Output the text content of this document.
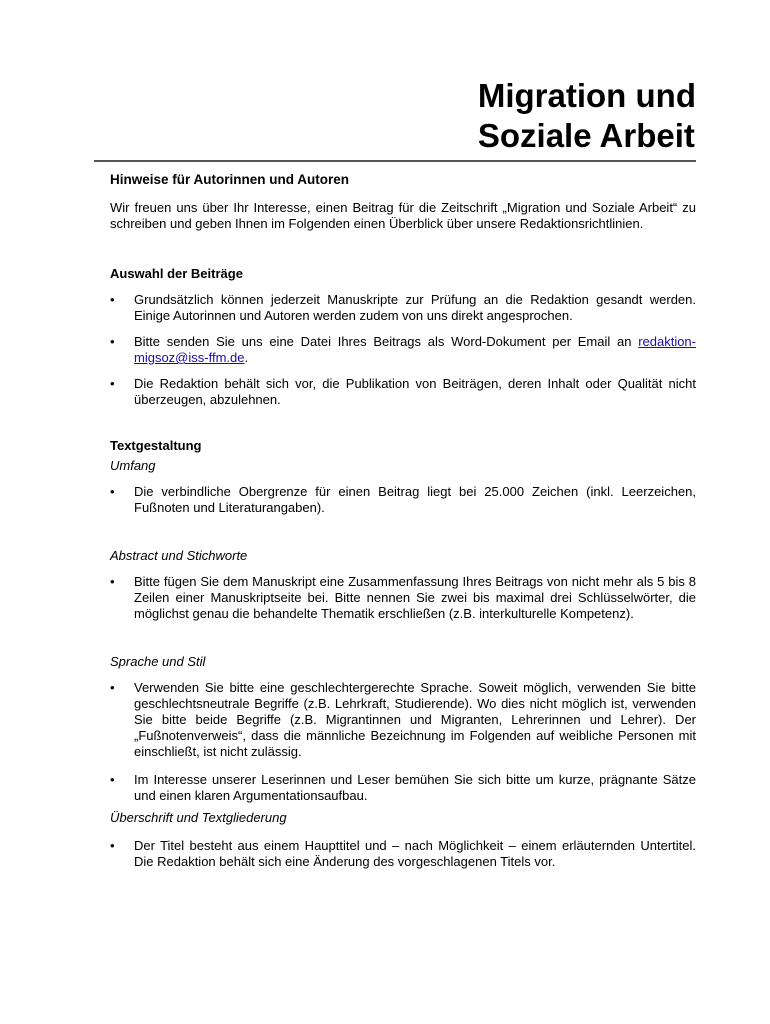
Migration und
Soziale Arbeit

Hinweise für Autorinnen und Autoren

Wir freuen uns über Ihr Interesse, einen Beitrag für die Zeitschrift „Migration und Soziale Arbeit“ zu schreiben und geben Ihnen im Folgenden einen Überblick über unsere Redaktionsrichtlinien.

Auswahl der Beiträge

•	Grundsätzlich können jederzeit Manuskripte zur Prüfung an die Redaktion gesandt werden. Einige Autorinnen und Autoren werden zudem von uns direkt angesprochen.
•	Bitte senden Sie uns eine Datei Ihres Beitrags als Word-Dokument per Email an redaktion-migsoz@iss-ffm.de.
•	Die Redaktion behält sich vor, die Publikation von Beiträgen, deren Inhalt oder Qualität nicht überzeugen, abzulehnen.

Textgestaltung

Umfang

•	Die verbindliche Obergrenze für einen Beitrag liegt bei 25.000 Zeichen (inkl. Leerzeichen, Fußnoten und Literaturangaben).

Abstract und Stichworte

•	Bitte fügen Sie dem Manuskript eine Zusammenfassung Ihres Beitrags von nicht mehr als 5 bis 8 Zeilen einer Manuskriptseite bei. Bitte nennen Sie zwei bis maximal drei Schlüsselwörter, die möglichst genau die behandelte Thematik erschließen (z.B. interkulturelle Kompetenz).

Sprache und Stil

•	Verwenden Sie bitte eine geschlechtergerechte Sprache. Soweit möglich, verwenden Sie bitte geschlechtsneutrale Begriffe (z.B. Lehrkraft, Studierende). Wo dies nicht möglich ist, verwenden Sie bitte beide Begriffe (z.B. Migrantinnen und Migranten, Lehrerinnen und Lehrer). Der „Fußnotenverweis“, dass die männliche Bezeichnung im Folgenden auf weibliche Personen mit einschließt, ist nicht zulässig.
•	Im Interesse unserer Leserinnen und Leser bemühen Sie sich bitte um kurze, prägnante Sätze und einen klaren Argumentationsaufbau.

Überschrift und Textgliederung

•	Der Titel besteht aus einem Haupttitel und – nach Möglichkeit – einem erläuternden Untertitel. Die Redaktion behält sich eine Änderung des vorgeschlagenen Titels vor.
